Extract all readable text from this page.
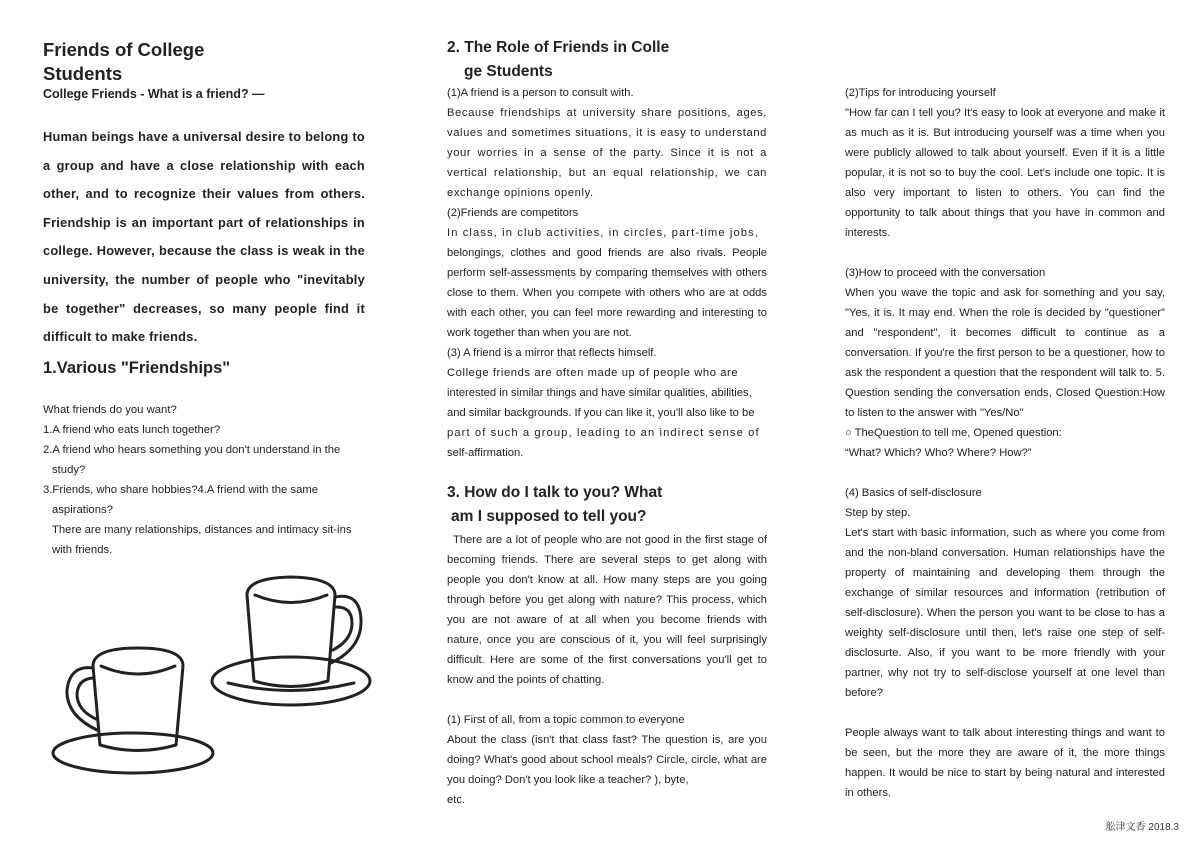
Friends of College
Students

College Friends - What is a friend? —

Human beings have a universal desire to belong to a group and have a close relationship with each other, and to recognize their values from others. Friendship is an important part of relationships in college. However, because the class is weak in the university, the number of people who "inevitably be together" decreases, so many people find it difficult to make friends.

1.Various "Friendships"

What friends do you want?

1.A friend who eats lunch together?

2.A friend who hears something you don't understand in the

study?

3.Friends, who share hobbies?4.A friend with the same

aspirations?

There are many relationships, distances and intimacy sit-ins

with friends.

2. The Role of Friends in Colle
ge Students

(1)A friend is a person to consult with.

Because friendships at university share positions, ages, values and sometimes situations, it is easy to understand your worries in a sense of the party. Since it is not a vertical relationship, but an equal relationship, we can exchange opinions openly.

(2)Friends are competitors

In class, in club activities, in circles, part-time jobs,

belongings, clothes and good friends are also rivals. People perform self-assessments by comparing themselves with others close to them. When you compete with others who are at odds with each other, you can feel more rewarding and interesting to work together than when you are not.

(3) A friend is a mirror that reflects himself.

College friends are often made up of people who are

interested in similar things and have similar qualities, abilities,

and similar backgrounds. If you can like it, you'll also like to be

part of such a group, leading to an indirect sense of

self-affirmation.

3. How do I talk to you? What
am I supposed to tell you?

There are a lot of people who are not good in the first stage of becoming friends. There are several steps to get along with people you don't know at all. How many steps are you going through before you get along with nature? This process, which you are not aware of at all when you become friends with nature, once you are conscious of it, you will feel surprisingly difficult. Here are some of the first conversations you'll get to know and the points of chatting.

(1) First of all, from a topic common to everyone

About the class (isn't that class fast? The question is, are you doing? What's good about school meals? Circle, circle, what are you doing? Don't you look like a teacher? ), byte,

etc.

(2)Tips for introducing yourself

"How far can I tell you? It's easy to look at everyone and make it as much as it is. But introducing yourself was a time when you were publicly allowed to talk about yourself. Even if it is a little popular, it is not so to buy the cool. Let's include one topic. It is also very important to listen to others. You can find the opportunity to talk about things that you have in common and interests.

(3)How to proceed with the conversation

When you wave the topic and ask for something and you say, "Yes, it is. It may end. When the role is decided by "questioner" and "respondent", it becomes difficult to continue as a conversation. If you're the first person to be a questioner, how to ask the respondent a question that the respondent will talk to. 5. Question sending the conversation ends, Closed Question:How to listen to the answer with "Yes/No"

○ TheQuestion to tell me, Opened question:

“What? Which? Who? Where? How?”

(4) Basics of self-disclosure

Step by step.

Let's start with basic information, such as where you come from and the non-bland conversation. Human relationships have the property of maintaining and developing them through the exchange of similar resources and information (retribution of self-disclosure). When the person you want to be close to has a weighty self-disclosure until then, let's raise one step of self-disclosurte. Also, if you want to be more friendly with your partner, why not try to self-disclose yourself at one level than before?

People always want to talk about interesting things and want to be seen, but the more they are aware of it, the more things happen. It would be nice to start by being natural and interested in others.

舩津文香 2018.3
